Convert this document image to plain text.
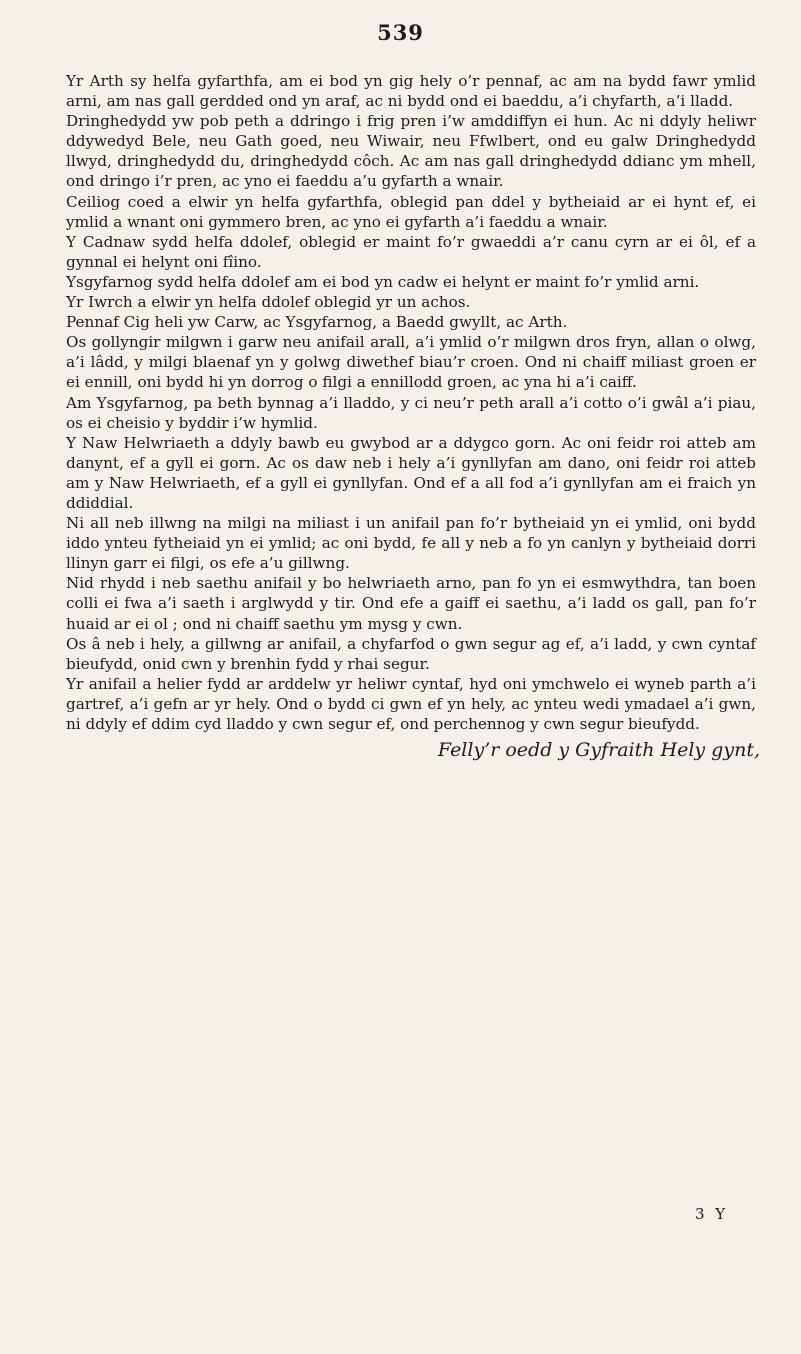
539

Yr Arth sy helfa gyfarthfa, am ei bod yn gig hely o’r pennaf, ac am na bydd fawr ymlid arni, am nas gall gerdded ond yn araf, ac ni bydd ond ei baeddu, a’i chyfarth, a’i lladd.

Dringhedydd yw pob peth a ddringo i frig pren i’w amddiffyn ei hun. Ac ni ddyly heliwr ddywedyd Bele, neu Gath goed, neu Wiwair, neu Ffwlbert, ond eu galw Dringhedydd llwyd, dringhedydd du, dringhedydd côch. Ac am nas gall dringhedydd ddianc ym mhell, ond dringo i’r pren, ac yno ei faeddu a’u gyfarth a wnair.

Ceiliog coed a elwir yn helfa gyfarthfa, oblegid pan ddel y bytheiaid ar ei hynt ef, ei ymlid a wnant oni gymmero bren, ac yno ei gyfarth a’i faeddu a wnair.

Y Cadnaw sydd helfa ddolef, oblegid er maint fo’r gwaeddi a’r canu cyrn ar ei ôl, ef a gynnal ei helynt oni fîino.

Ysgyfarnog sydd helfa ddolef am ei bod yn cadw ei helynt er maint fo’r ymlid arni.

Yr Iwrch a elwir yn helfa ddolef oblegid yr un achos.

Pennaf Cig heli yw Carw, ac Ysgyfarnog, a Baedd gwyllt, ac Arth.

Os gollyngir milgwn i garw neu anifail arall, a’i ymlid o’r milgwn dros fryn, allan o olwg, a’i lâdd, y milgi blaenaf yn y golwg diwethef biau’r croen. Ond ni chaiff miliast groen er ei ennill, oni bydd hi yn dorrog o filgi a ennillodd groen, ac yna hi a’i caiff.

Am Ysgyfarnog, pa beth bynnag a’i lladdo, y ci neu’r peth arall a’i cotto o’i gwâl a’i piau, os ei cheisio y byddir i’w hymlid.

Y Naw Helwriaeth a ddyly bawb eu gwybod ar a ddygco gorn. Ac oni feidr roi atteb am danynt, ef a gyll ei gorn. Ac os daw neb i hely a’i gynllyfan am dano, oni feidr roi atteb am y Naw Helwriaeth, ef a gyll ei gynllyfan. Ond ef a all fod a’i gynllyfan am ei fraich yn ddiddial.

Ni all neb illwng na milgi na miliast i un anifail pan fo’r bytheiaid yn ei ymlid, oni bydd iddo ynteu fytheiaid yn ei ymlid; ac oni bydd, fe all y neb a fo yn canlyn y bytheiaid dorri llinyn garr ei filgi, os efe a’u gillwng.

Nid rhydd i neb saethu anifail y bo helwriaeth arno, pan fo yn ei esmwythdra, tan boen colli ei fwa a’i saeth i arglwydd y tir. Ond efe a gaiff ei saethu, a’i ladd os gall, pan fo’r huaid ar ei ol ; ond ni chaiff saethu ym mysg y cwn.

Os â neb i hely, a gillwng ar anifail, a chyfarfod o gwn segur ag ef, a’i ladd, y cwn cyntaf bieufydd, onid cwn y brenhin fydd y rhai segur.

Yr anifail a helier fydd ar arddelw yr heliwr cyntaf, hyd oni ymchwelo ei wyneb parth a’i gartref, a’i gefn ar yr hely. Ond o bydd ci gwn ef yn hely, ac ynteu wedi ymadael a’i gwn, ni ddyly ef ddim cyd lladdo y cwn segur ef, ond perchennog y cwn segur bieufydd.

Felly’r oedd y Gyfraith Hely gynt,
3 Y
